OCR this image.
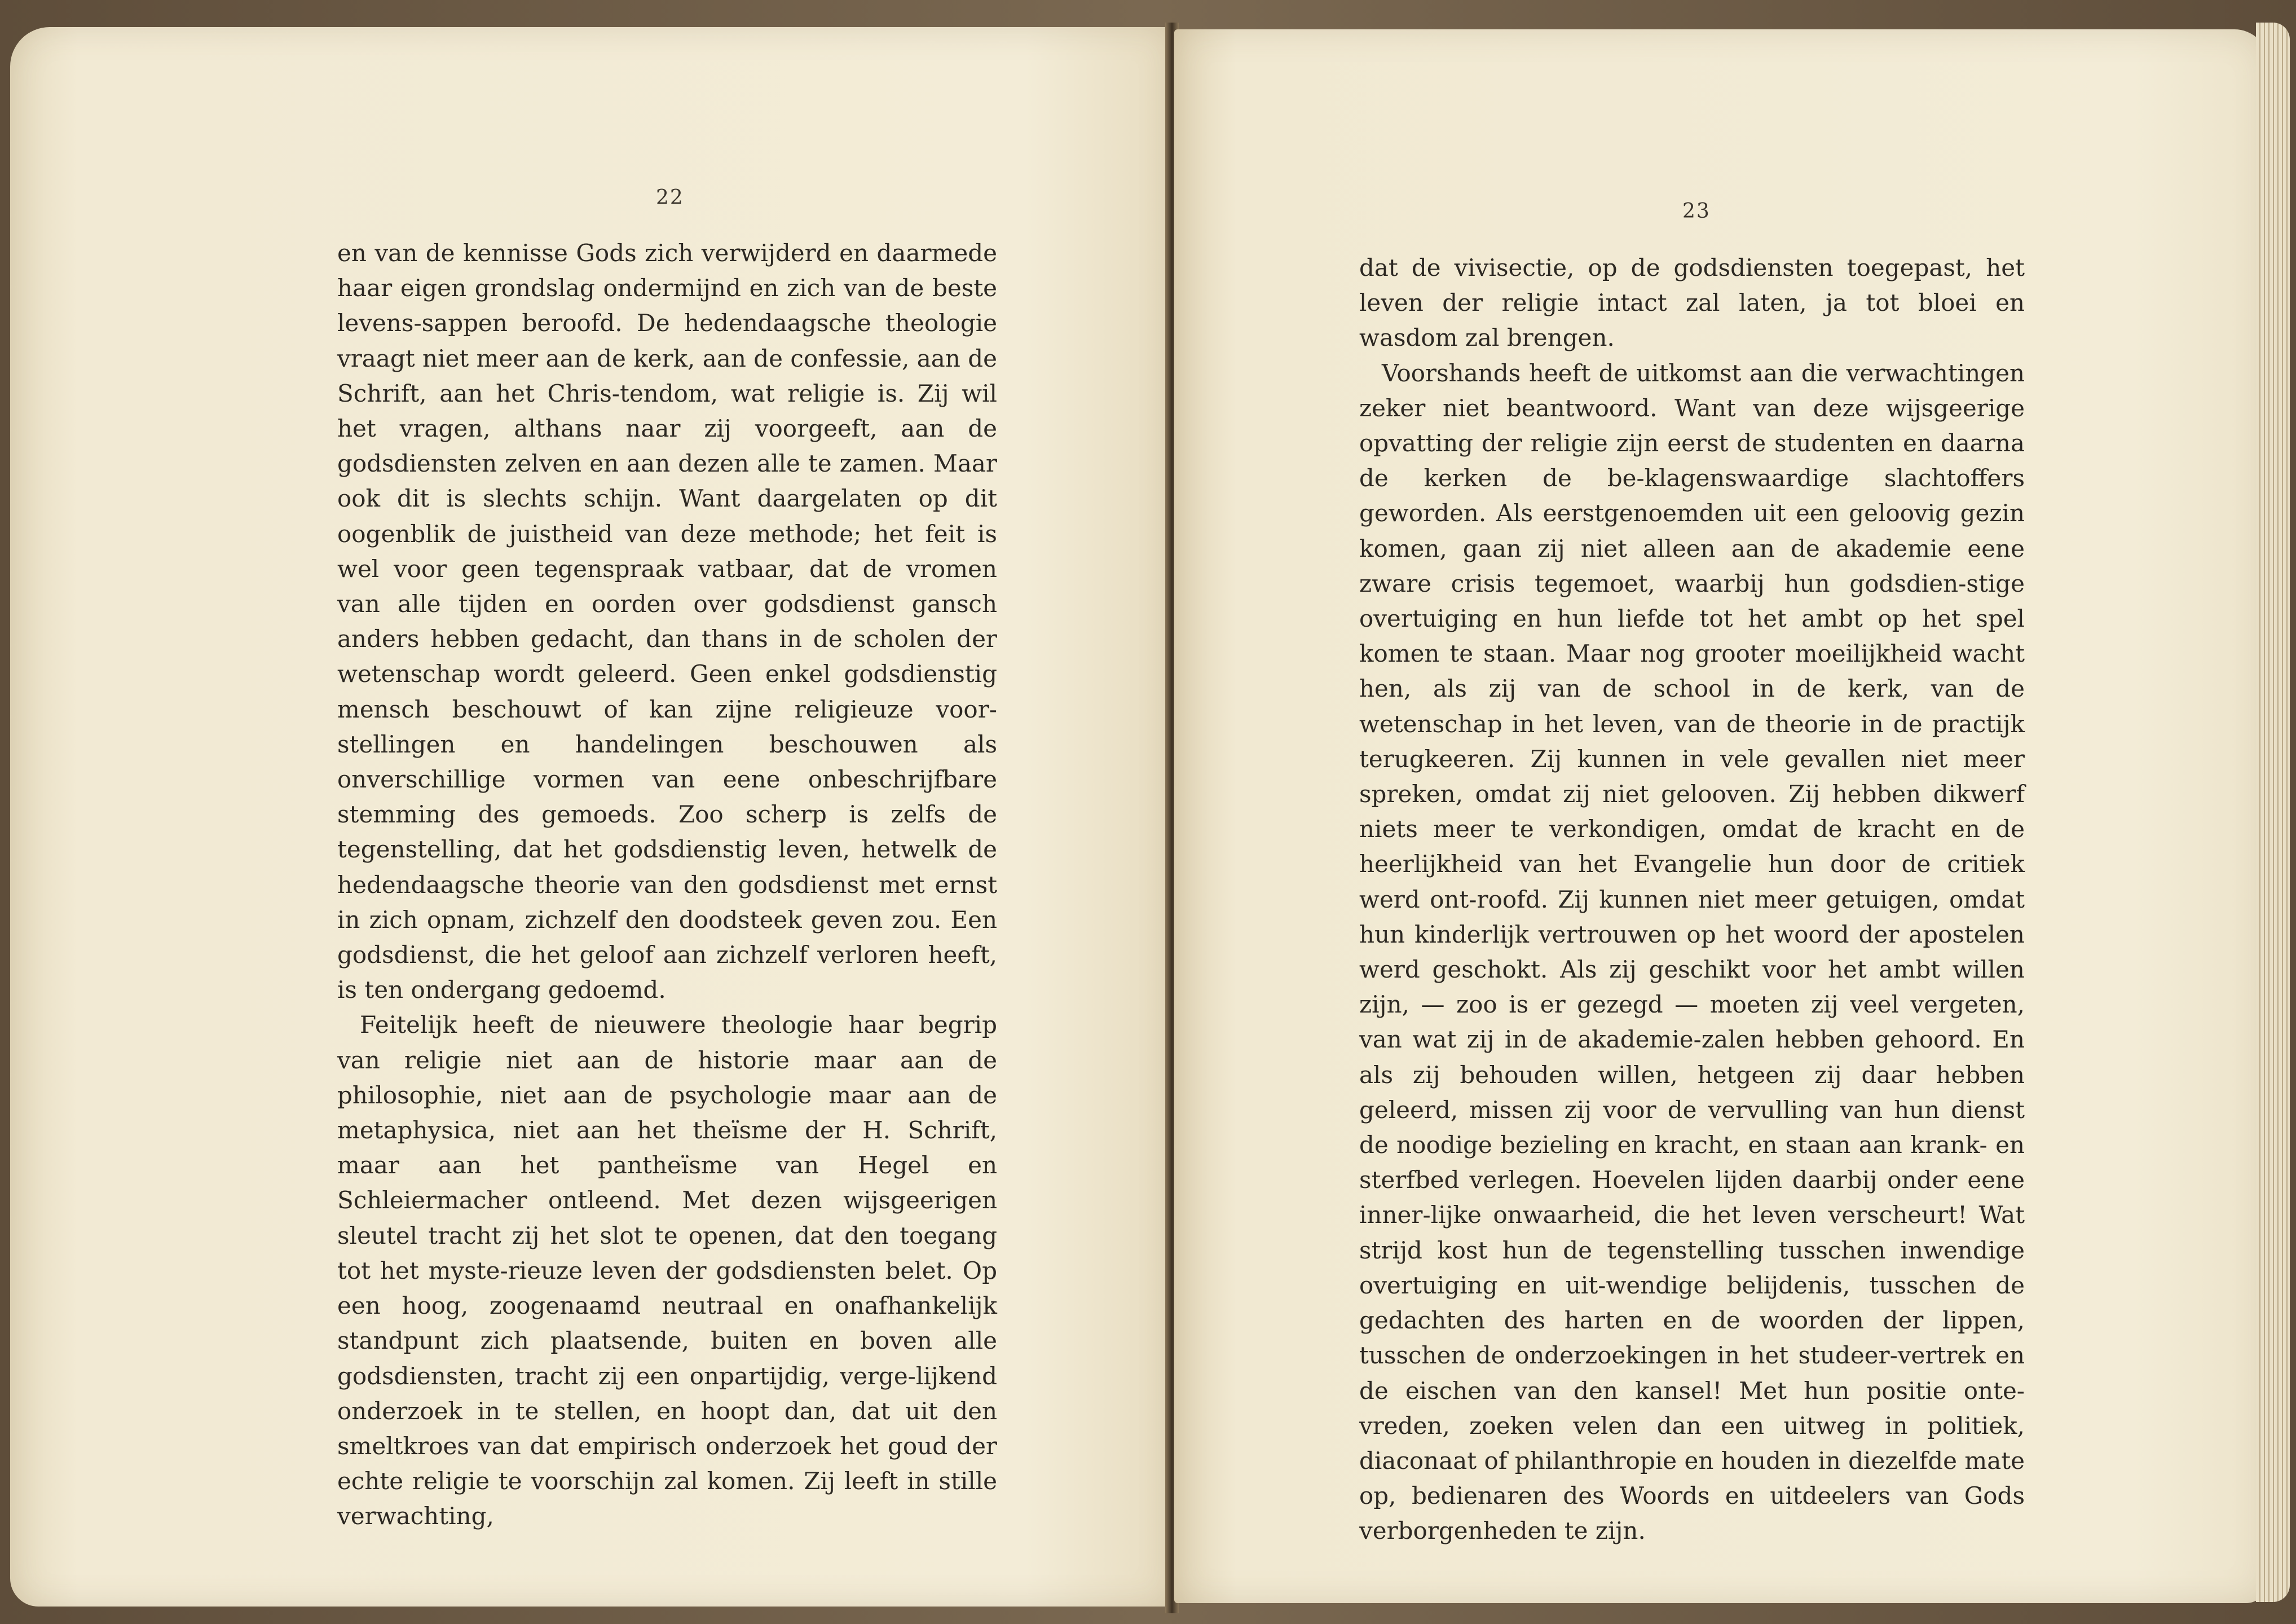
22

en van de kennisse Gods zich verwijderd en daarmede haar eigen grondslag ondermijnd en zich van de beste levens-sappen beroofd. De hedendaagsche theologie vraagt niet meer aan de kerk, aan de confessie, aan de Schrift, aan het Chris-tendom, wat religie is. Zij wil het vragen, althans naar zij voorgeeft, aan de godsdiensten zelven en aan dezen alle te zamen. Maar ook dit is slechts schijn. Want daargelaten op dit oogenblik de juistheid van deze methode; het feit is wel voor geen tegenspraak vatbaar, dat de vromen van alle tijden en oorden over godsdienst gansch anders hebben gedacht, dan thans in de scholen der wetenschap wordt geleerd. Geen enkel godsdienstig mensch beschouwt of kan zijne religieuze voor-stellingen en handelingen beschouwen als onverschillige vormen van eene onbeschrijfbare stemming des gemoeds. Zoo scherp is zelfs de tegenstelling, dat het godsdienstig leven, hetwelk de hedendaagsche theorie van den godsdienst met ernst in zich opnam, zichzelf den doodsteek geven zou. Een godsdienst, die het geloof aan zichzelf verloren heeft, is ten ondergang gedoemd.

Feitelijk heeft de nieuwere theologie haar begrip van religie niet aan de historie maar aan de philosophie, niet aan de psychologie maar aan de metaphysica, niet aan het theïsme der H. Schrift, maar aan het pantheïsme van Hegel en Schleiermacher ontleend. Met dezen wijsgeerigen sleutel tracht zij het slot te openen, dat den toegang tot het myste-rieuze leven der godsdiensten belet. Op een hoog, zoogenaamd neutraal en onafhankelijk standpunt zich plaatsende, buiten en boven alle godsdiensten, tracht zij een onpartijdig, verge-lijkend onderzoek in te stellen, en hoopt dan, dat uit den smeltkroes van dat empirisch onderzoek het goud der echte religie te voorschijn zal komen. Zij leeft in stille verwachting,

23

dat de vivisectie, op de godsdiensten toegepast, het leven der religie intact zal laten, ja tot bloei en wasdom zal brengen.

Voorshands heeft de uitkomst aan die verwachtingen zeker niet beantwoord. Want van deze wijsgeerige opvatting der religie zijn eerst de studenten en daarna de kerken de be-klagenswaardige slachtoffers geworden. Als eerstgenoemden uit een geloovig gezin komen, gaan zij niet alleen aan de akademie eene zware crisis tegemoet, waarbij hun godsdien-stige overtuiging en hun liefde tot het ambt op het spel komen te staan. Maar nog grooter moeilijkheid wacht hen, als zij van de school in de kerk, van de wetenschap in het leven, van de theorie in de practijk terugkeeren. Zij kunnen in vele gevallen niet meer spreken, omdat zij niet gelooven. Zij hebben dikwerf niets meer te verkondigen, omdat de kracht en de heerlijkheid van het Evangelie hun door de critiek werd ont-roofd. Zij kunnen niet meer getuigen, omdat hun kinderlijk vertrouwen op het woord der apostelen werd geschokt. Als zij geschikt voor het ambt willen zijn, — zoo is er gezegd — moeten zij veel vergeten, van wat zij in de akademie-zalen hebben gehoord. En als zij behouden willen, hetgeen zij daar hebben geleerd, missen zij voor de vervulling van hun dienst de noodige bezieling en kracht, en staan aan krank- en sterfbed verlegen. Hoevelen lijden daarbij onder eene inner-lijke onwaarheid, die het leven verscheurt! Wat strijd kost hun de tegenstelling tusschen inwendige overtuiging en uit-wendige belijdenis, tusschen de gedachten des harten en de woorden der lippen, tusschen de onderzoekingen in het studeer-vertrek en de eischen van den kansel! Met hun positie onte-vreden, zoeken velen dan een uitweg in politiek, diaconaat of philanthropie en houden in diezelfde mate op, bedienaren des Woords en uitdeelers van Gods verborgenheden te zijn.
